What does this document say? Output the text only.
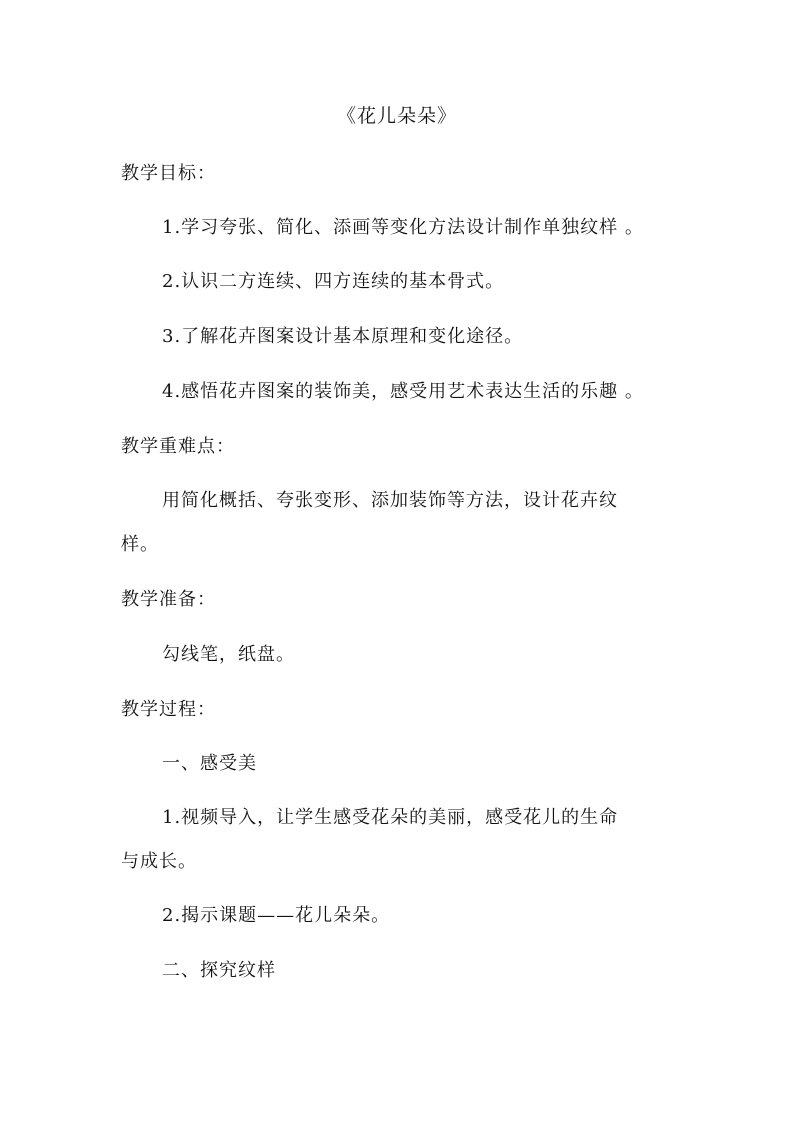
《花儿朵朵》
教学目标：
1.学习夸张、简化、添画等变化方法设计制作单独纹样 。
2.认识二方连续、四方连续的基本骨式。
3.了解花卉图案设计基本原理和变化途径。
4.感悟花卉图案的装饰美，感受用艺术表达生活的乐趣 。
教学重难点：
用简化概括、夸张变形、添加装饰等方法，设计花卉纹
样。
教学准备：
勾线笔，纸盘。
教学过程：
一、感受美
1.视频导入，让学生感受花朵的美丽，感受花儿的生命
与成长。
2.揭示课题——花儿朵朵。
二、探究纹样
